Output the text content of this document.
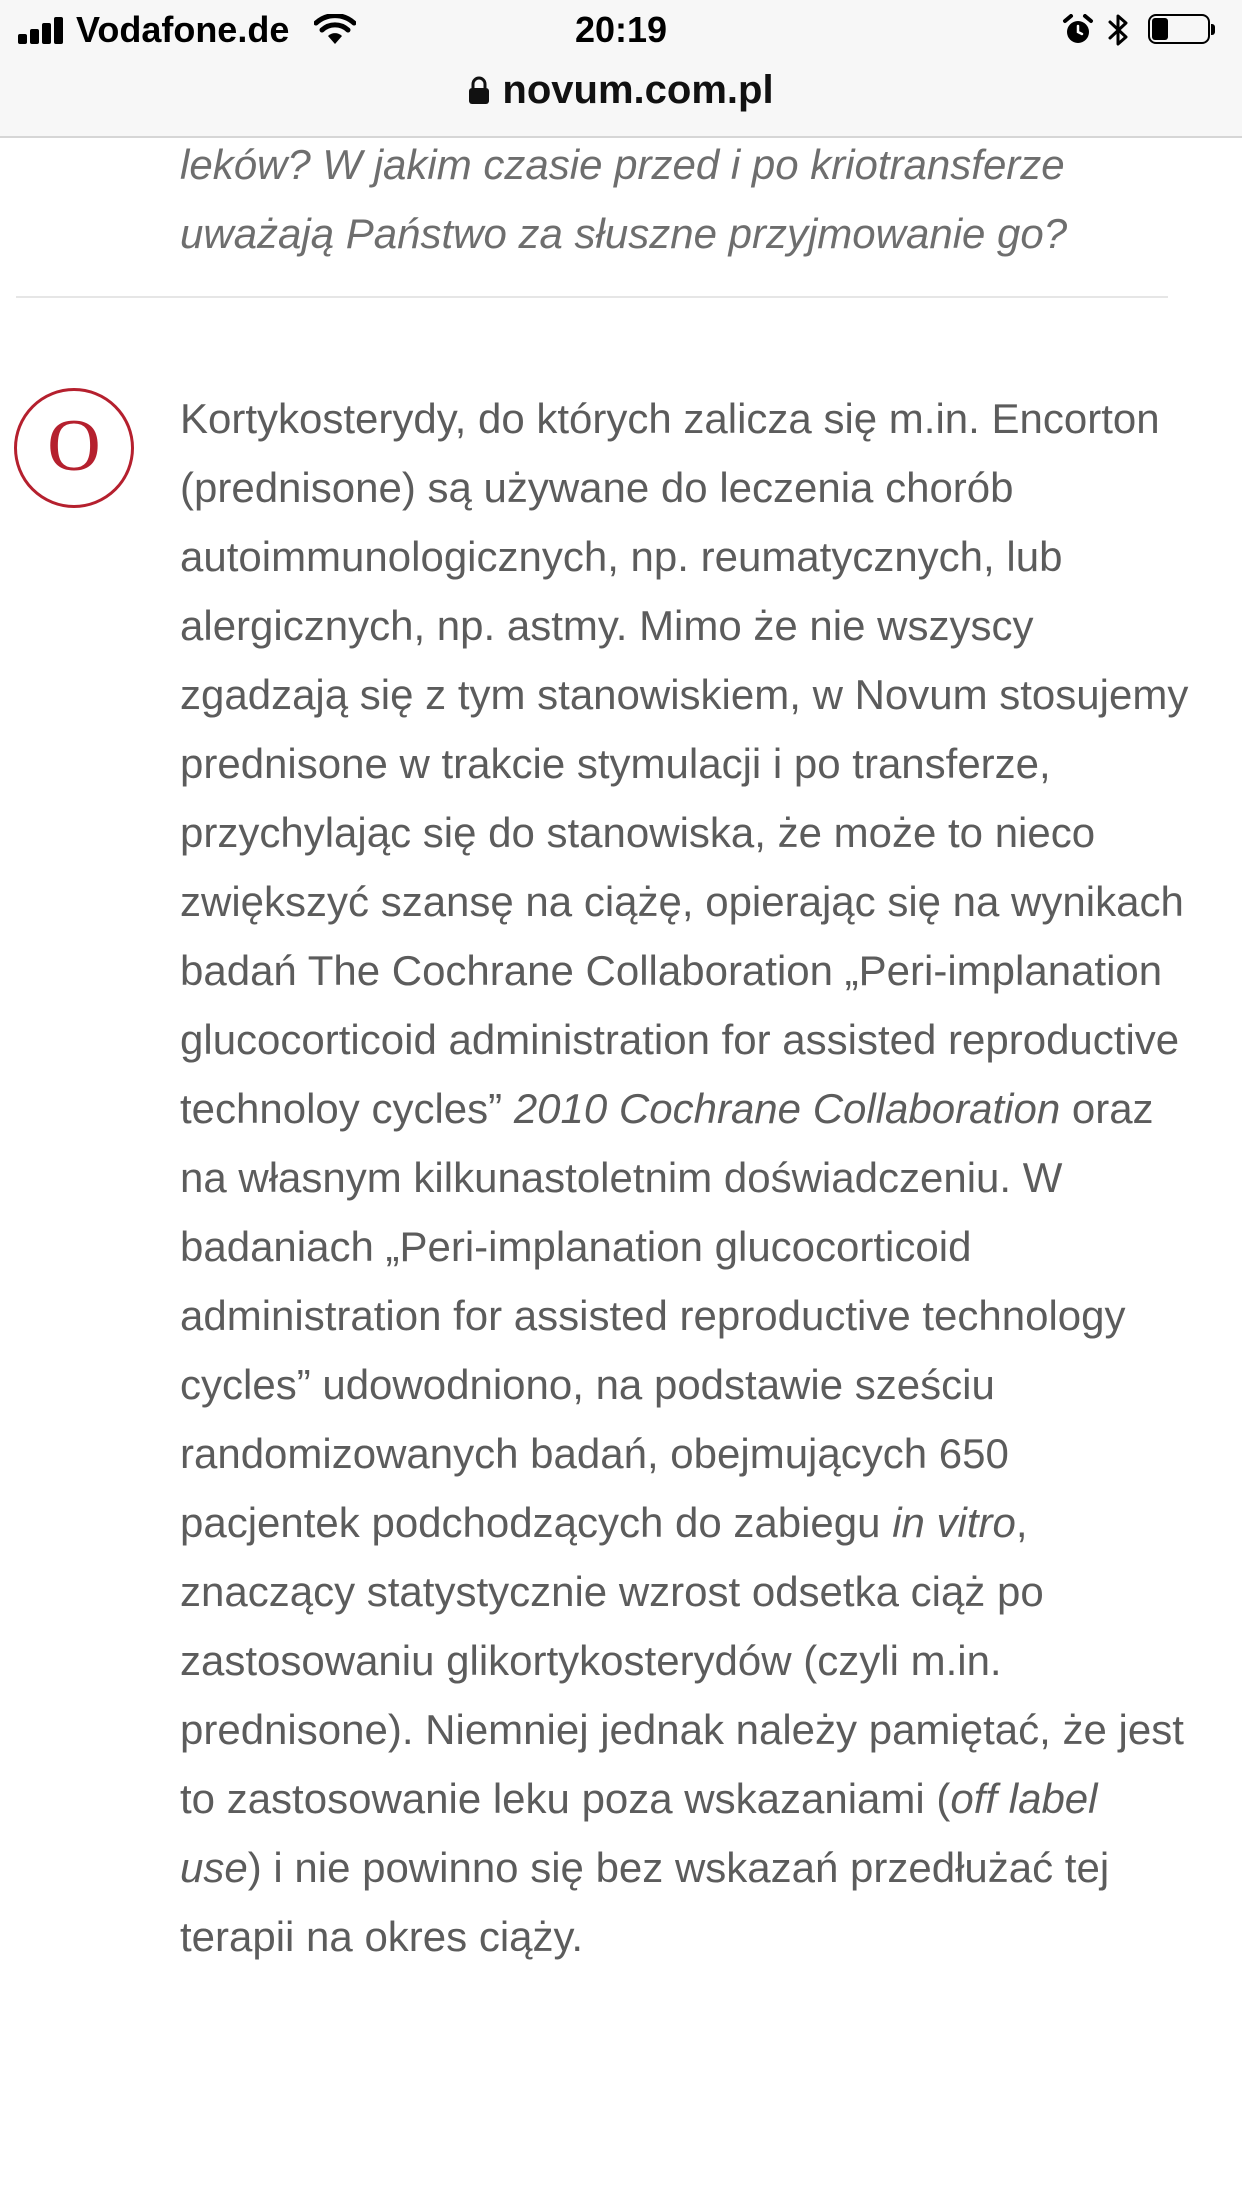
Vodafone.de	20:19
novum.com.pl

leków? W jakim czasie przed i po kriotransferze uważają Państwo za słuszne przyjmowanie go?

O Kortykosterydy, do których zalicza się m.in. Encorton (prednisone) są używane do leczenia chorób autoimmunologicznych, np. reumatycznych, lub alergicznych, np. astmy. Mimo że nie wszyscy zgadzają się z tym stanowiskiem, w Novum stosujemy prednisone w trakcie stymulacji i po transferze, przychylając się do stanowiska, że może to nieco zwiększyć szansę na ciążę, opierając się na wynikach badań The Cochrane Collaboration „Peri-implanation glucocorticoid administration for assisted reproductive technoloy cycles” 2010 Cochrane Collaboration oraz na własnym kilkunastoletnim doświadczeniu. W badaniach „Peri-implanation glucocorticoid administration for assisted reproductive technology cycles” udowodniono, na podstawie sześciu randomizowanych badań, obejmujących 650 pacjentek podchodzących do zabiegu in vitro, znaczący statystycznie wzrost odsetka ciąż po zastosowaniu glikortykosterydów (czyli m.in. prednisone). Niemniej jednak należy pamiętać, że jest to zastosowanie leku poza wskazaniami (off label use) i nie powinno się bez wskazań przedłużać tej terapii na okres ciąży.
